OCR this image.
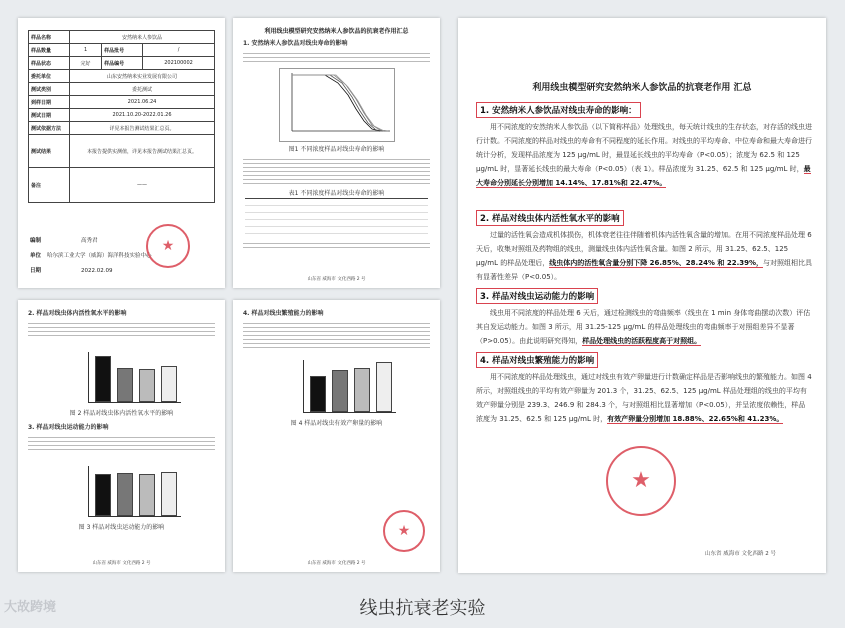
样品名称	安然纳米人参饮品		
样品数量	1	样品批号	/
样品状态	完好	样品编号	202100002
委托单位	山东安然纳米实业发展有限公司		
测试类别	委托测试		
到样日期	2021.06.24		
测试日期	2021.10.20-2022.01.26		
测试依据方法	详见本报告测试结果汇总页。		
测试结果	本报告提供实测值，详见本报告测试结果汇总页。		
备注	——		
编制	高秀君
单位 哈尔滨工业大学（威海）海洋科技实验中心
日期	2022.02.09
★
利用线虫模型研究安然纳米人参饮品的抗衰老作用汇总
1. 安然纳米人参饮品对线虫寿命的影响
图1 不同浓度样品对线虫寿命的影响
表1 不同浓度样品对线虫寿命的影响
山东省 威海市 文化西路 2 号
利用线虫模型研究安然纳米人参饮品的抗衰老作用 汇总
1. 安然纳米人参饮品对线虫寿命的影响：
用不同浓度的安然纳米人参饮品（以下简称样品）处理线虫，每天统计线虫的生存状态，对存活的线虫进行计数。不同浓度的样品对线虫的寿命有不同程度的延长作用。对线虫的平均寿命、中位寿命和最大寿命进行统计分析，发现样品浓度为 125 μg/mL 时，最显延长线虫的平均寿命（P<0.05）；浓度为 62.5 和 125 μg/mL 时，显著延长线虫的最大寿命（P<0.05）（表 1）。样品浓度为 31.25、62.5 和 125 μg/mL 时，最大寿命分别延长分别增加 14.14%、17.81%和 22.47%。
2. 样品对线虫体内活性氧水平的影响
过量的活性氧会造成机体损伤，机体衰老往往伴随着机体内活性氧含量的增加。在用不同浓度样品处理 6 天后，收集对照组及药物组的线虫，测量线虫体内活性氧含量。如图 2 所示，用 31.25、62.5、125 μg/mL 的样品处理后，线虫体内的活性氧含量分别下降 26.85%、28.24% 和 22.39%，与对照组相比具有显著性差异（P<0.05）。
3. 样品对线虫运动能力的影响
线虫用不同浓度的样品处理 6 天后，通过检测线虫的弯曲频率（线虫在 1 min 身体弯曲摆动次数）评估其自发运动能力。如图 3 所示，用 31.25-125 μg/mL 的样品处理线虫的弯曲频率于对照组差异不显著（P>0.05）。由此说明研究得知，样品处理线虫的活跃程度高于对照组。
4. 样品对线虫繁殖能力的影响
用不同浓度的样品处理线虫，通过对线虫有效产卵量进行计数确定样品是否影响线虫的繁殖能力。如图 4 所示，对照组线虫的平均有效产卵量为 201.3 个，31.25、62.5、125 μg/mL 样品处理组的线虫的平均有效产卵量分别是 239.3、246.9 和 284.3 个，与对照组相比显著增加（P<0.05），并呈浓度依赖性，样品浓度为 31.25、62.5 和 125 μg/mL 时，有效产卵量分别增加 18.88%、22.65%和 41.23%。
★
山东省 威海市 文化西路 2 号
2. 样品对线虫体内活性氧水平的影响
图 2 样品对线虫体内活性氧水平的影响
3. 样品对线虫运动能力的影响
图 3 样品对线虫运动能力的影响
山东省 威海市 文化西路 2 号
4. 样品对线虫繁殖能力的影响
图 4 样品对线虫有效产卵量的影响
★
山东省 威海市 文化西路 2 号
大故跨境	线虫抗衰老实验
